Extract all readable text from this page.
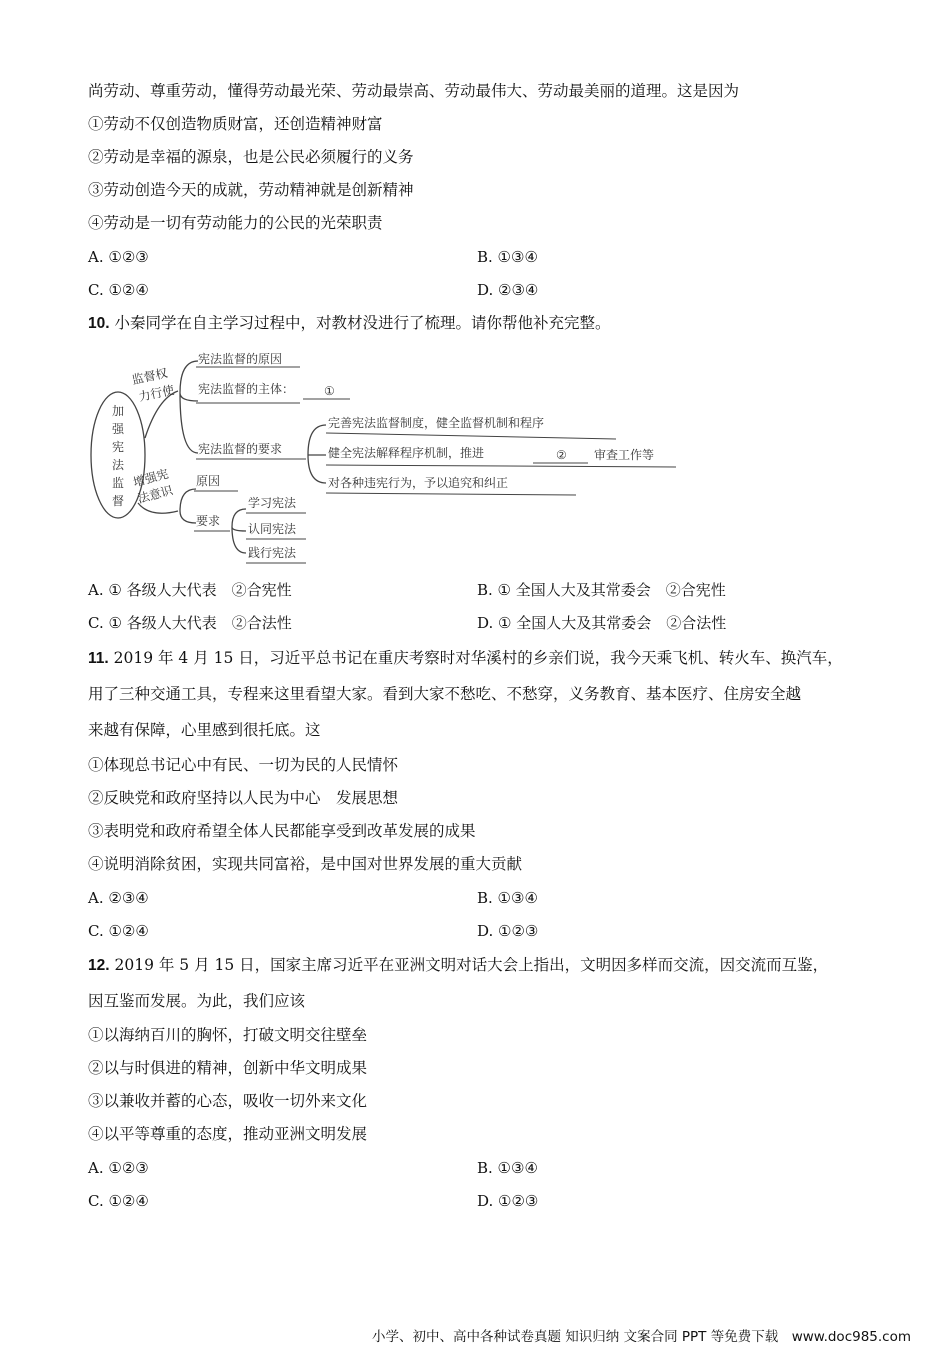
尚劳动、尊重劳动，懂得劳动最光荣、劳动最崇高、劳动最伟大、劳动最美丽的道理。这是因为
①劳动不仅创造物质财富，还创造精神财富
②劳动是幸福的源泉，也是公民必须履行的义务
③劳动创造今天的成就，劳动精神就是创新精神
④劳动是一切有劳动能力的公民的光荣职责
A. ①②③	B. ①③④
C. ①②④	D. ②③④
10. 小秦同学在自主学习过程中，对教材没进行了梳理。请你帮他补充完整。
加
强
宪
法
监
督
监督权
力行使
宪法监督的原因
宪法监督的主体： ①
宪法监督的要求
完善宪法监督制度，健全监督机制和程序
健全宪法解释程序机制，推进	② 审查工作等
对各种违宪行为，予以追究和纠正
增强宪
法意识
原因
要求
学习宪法
认同宪法
践行宪法
A. ① 各级人大代表　②合宪性	B. ① 全国人大及其常委会　②合宪性
C. ① 各级人大代表　②合法性	D. ① 全国人大及其常委会　②合法性
11. 2019 年 4 月 15 日，习近平总书记在重庆考察时对华溪村的乡亲们说，我今天乘飞机、转火车、换汽车，
用了三种交通工具，专程来这里看望大家。看到大家不愁吃、不愁穿，义务教育、基本医疗、住房安全越
来越有保障，心里感到很托底。这
①体现总书记心中有民、一切为民的人民情怀
②反映党和政府坚持以人民为中心　发展思想
③表明党和政府希望全体人民都能享受到改革发展的成果
④说明消除贫困，实现共同富裕，是中国对世界发展的重大贡献
A. ②③④	B. ①③④
C. ①②④	D. ①②③
12. 2019 年 5 月 15 日，国家主席习近平在亚洲文明对话大会上指出，文明因多样而交流，因交流而互鉴，
因互鉴而发展。为此，我们应该
①以海纳百川的胸怀，打破文明交往壁垒
②以与时俱进的精神，创新中华文明成果
③以兼收并蓄的心态，吸收一切外来文化
④以平等尊重的态度，推动亚洲文明发展
A. ①②③	B. ①③④
C. ①②④	D. ①②③
小学、初中、高中各种试卷真题 知识归纳 文案合同 PPT 等免费下载　www.doc985.com
